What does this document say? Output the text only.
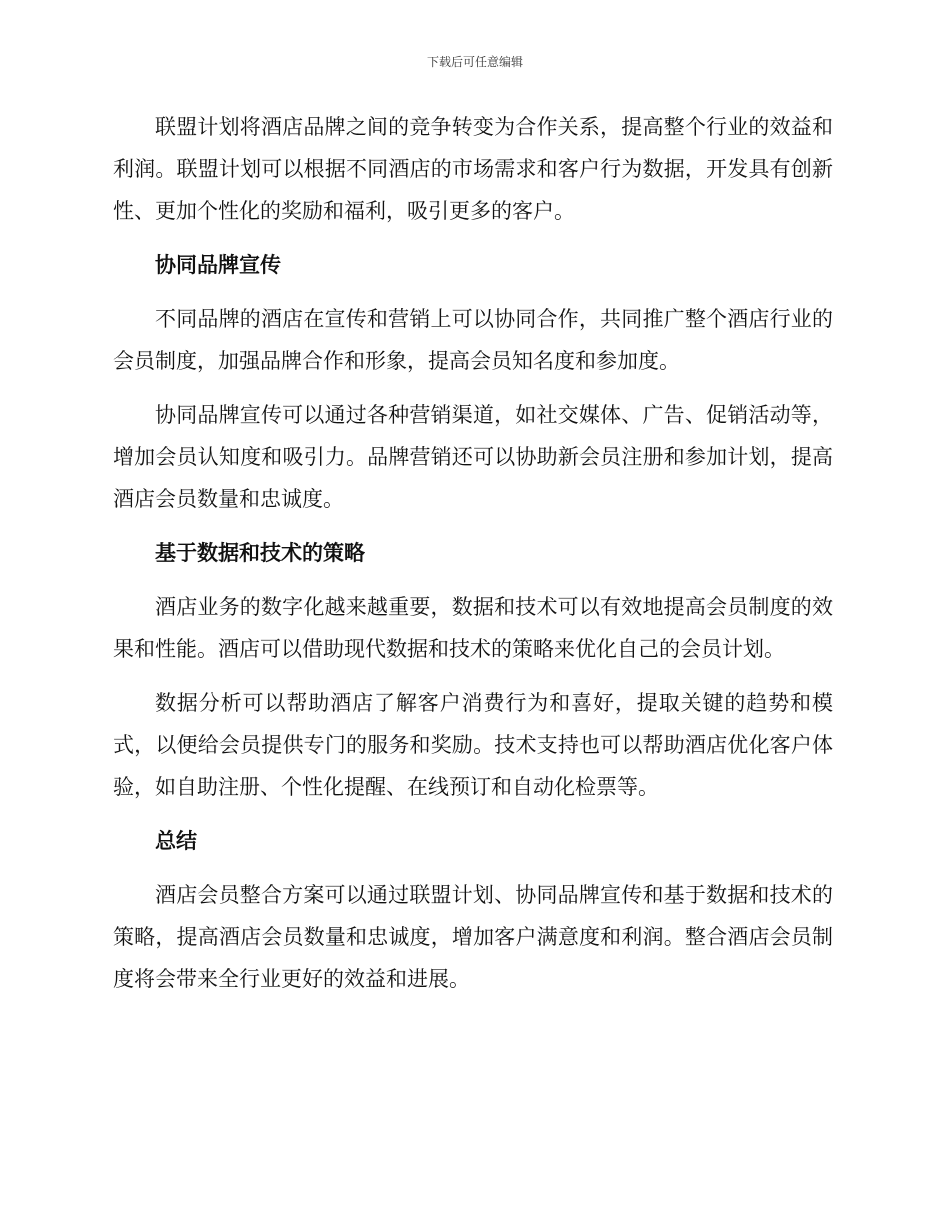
下载后可任意编辑

联盟计划将酒店品牌之间的竞争转变为合作关系，提高整个行业的效益和利润。联盟计划可以根据不同酒店的市场需求和客户行为数据，开发具有创新性、更加个性化的奖励和福利，吸引更多的客户。

协同品牌宣传

不同品牌的酒店在宣传和营销上可以协同合作，共同推广整个酒店行业的会员制度，加强品牌合作和形象，提高会员知名度和参加度。

协同品牌宣传可以通过各种营销渠道，如社交媒体、广告、促销活动等，增加会员认知度和吸引力。品牌营销还可以协助新会员注册和参加计划，提高酒店会员数量和忠诚度。

基于数据和技术的策略

酒店业务的数字化越来越重要，数据和技术可以有效地提高会员制度的效果和性能。酒店可以借助现代数据和技术的策略来优化自己的会员计划。

数据分析可以帮助酒店了解客户消费行为和喜好，提取关键的趋势和模式，以便给会员提供专门的服务和奖励。技术支持也可以帮助酒店优化客户体验，如自助注册、个性化提醒、在线预订和自动化检票等。

总结

酒店会员整合方案可以通过联盟计划、协同品牌宣传和基于数据和技术的策略，提高酒店会员数量和忠诚度，增加客户满意度和利润。整合酒店会员制度将会带来全行业更好的效益和进展。
